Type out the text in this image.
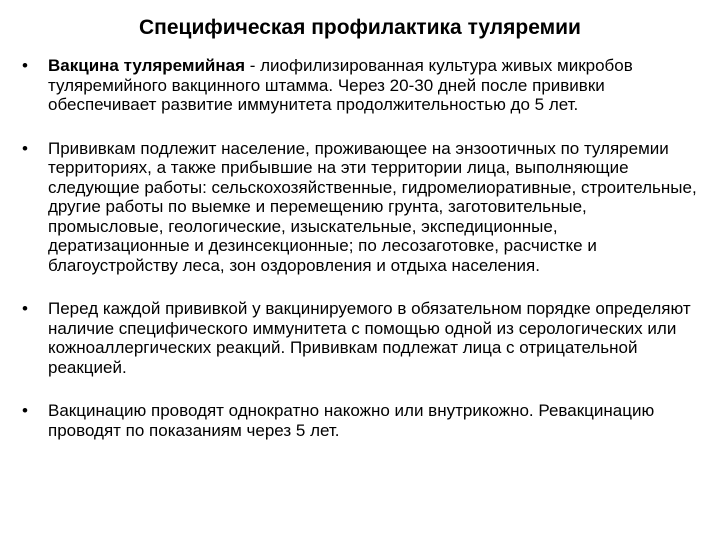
Специфическая профилактика туляремии
•	Вакцина туляремийная - лиофилизированная культура живых микробов туляремийного вакцинного штамма. Через 20-30 дней после прививки обеспечивает развитие иммунитета продолжительностью до 5 лет.
•	Прививкам подлежит население, проживающее на энзоотичных по туляремии территориях, а также прибывшие на эти территории лица, выполняющие следующие работы: сельскохозяйственные, гидромелиоративные, строительные, другие работы по выемке и перемещению грунта, заготовительные, промысловые, геологические, изыскательные, экспедиционные, дератизационные и дезинсекционные; по лесозаготовке, расчистке и благоустройству леса, зон оздоровления и отдыха населения.
•	Перед каждой прививкой у вакцинируемого в обязательном порядке определяют наличие специфического иммунитета с помощью одной из серологических или кожноаллергических реакций. Прививкам подлежат лица с отрицательной реакцией.
•	Вакцинацию проводят однократно накожно или внутрикожно. Ревакцинацию проводят по показаниям через 5 лет.
